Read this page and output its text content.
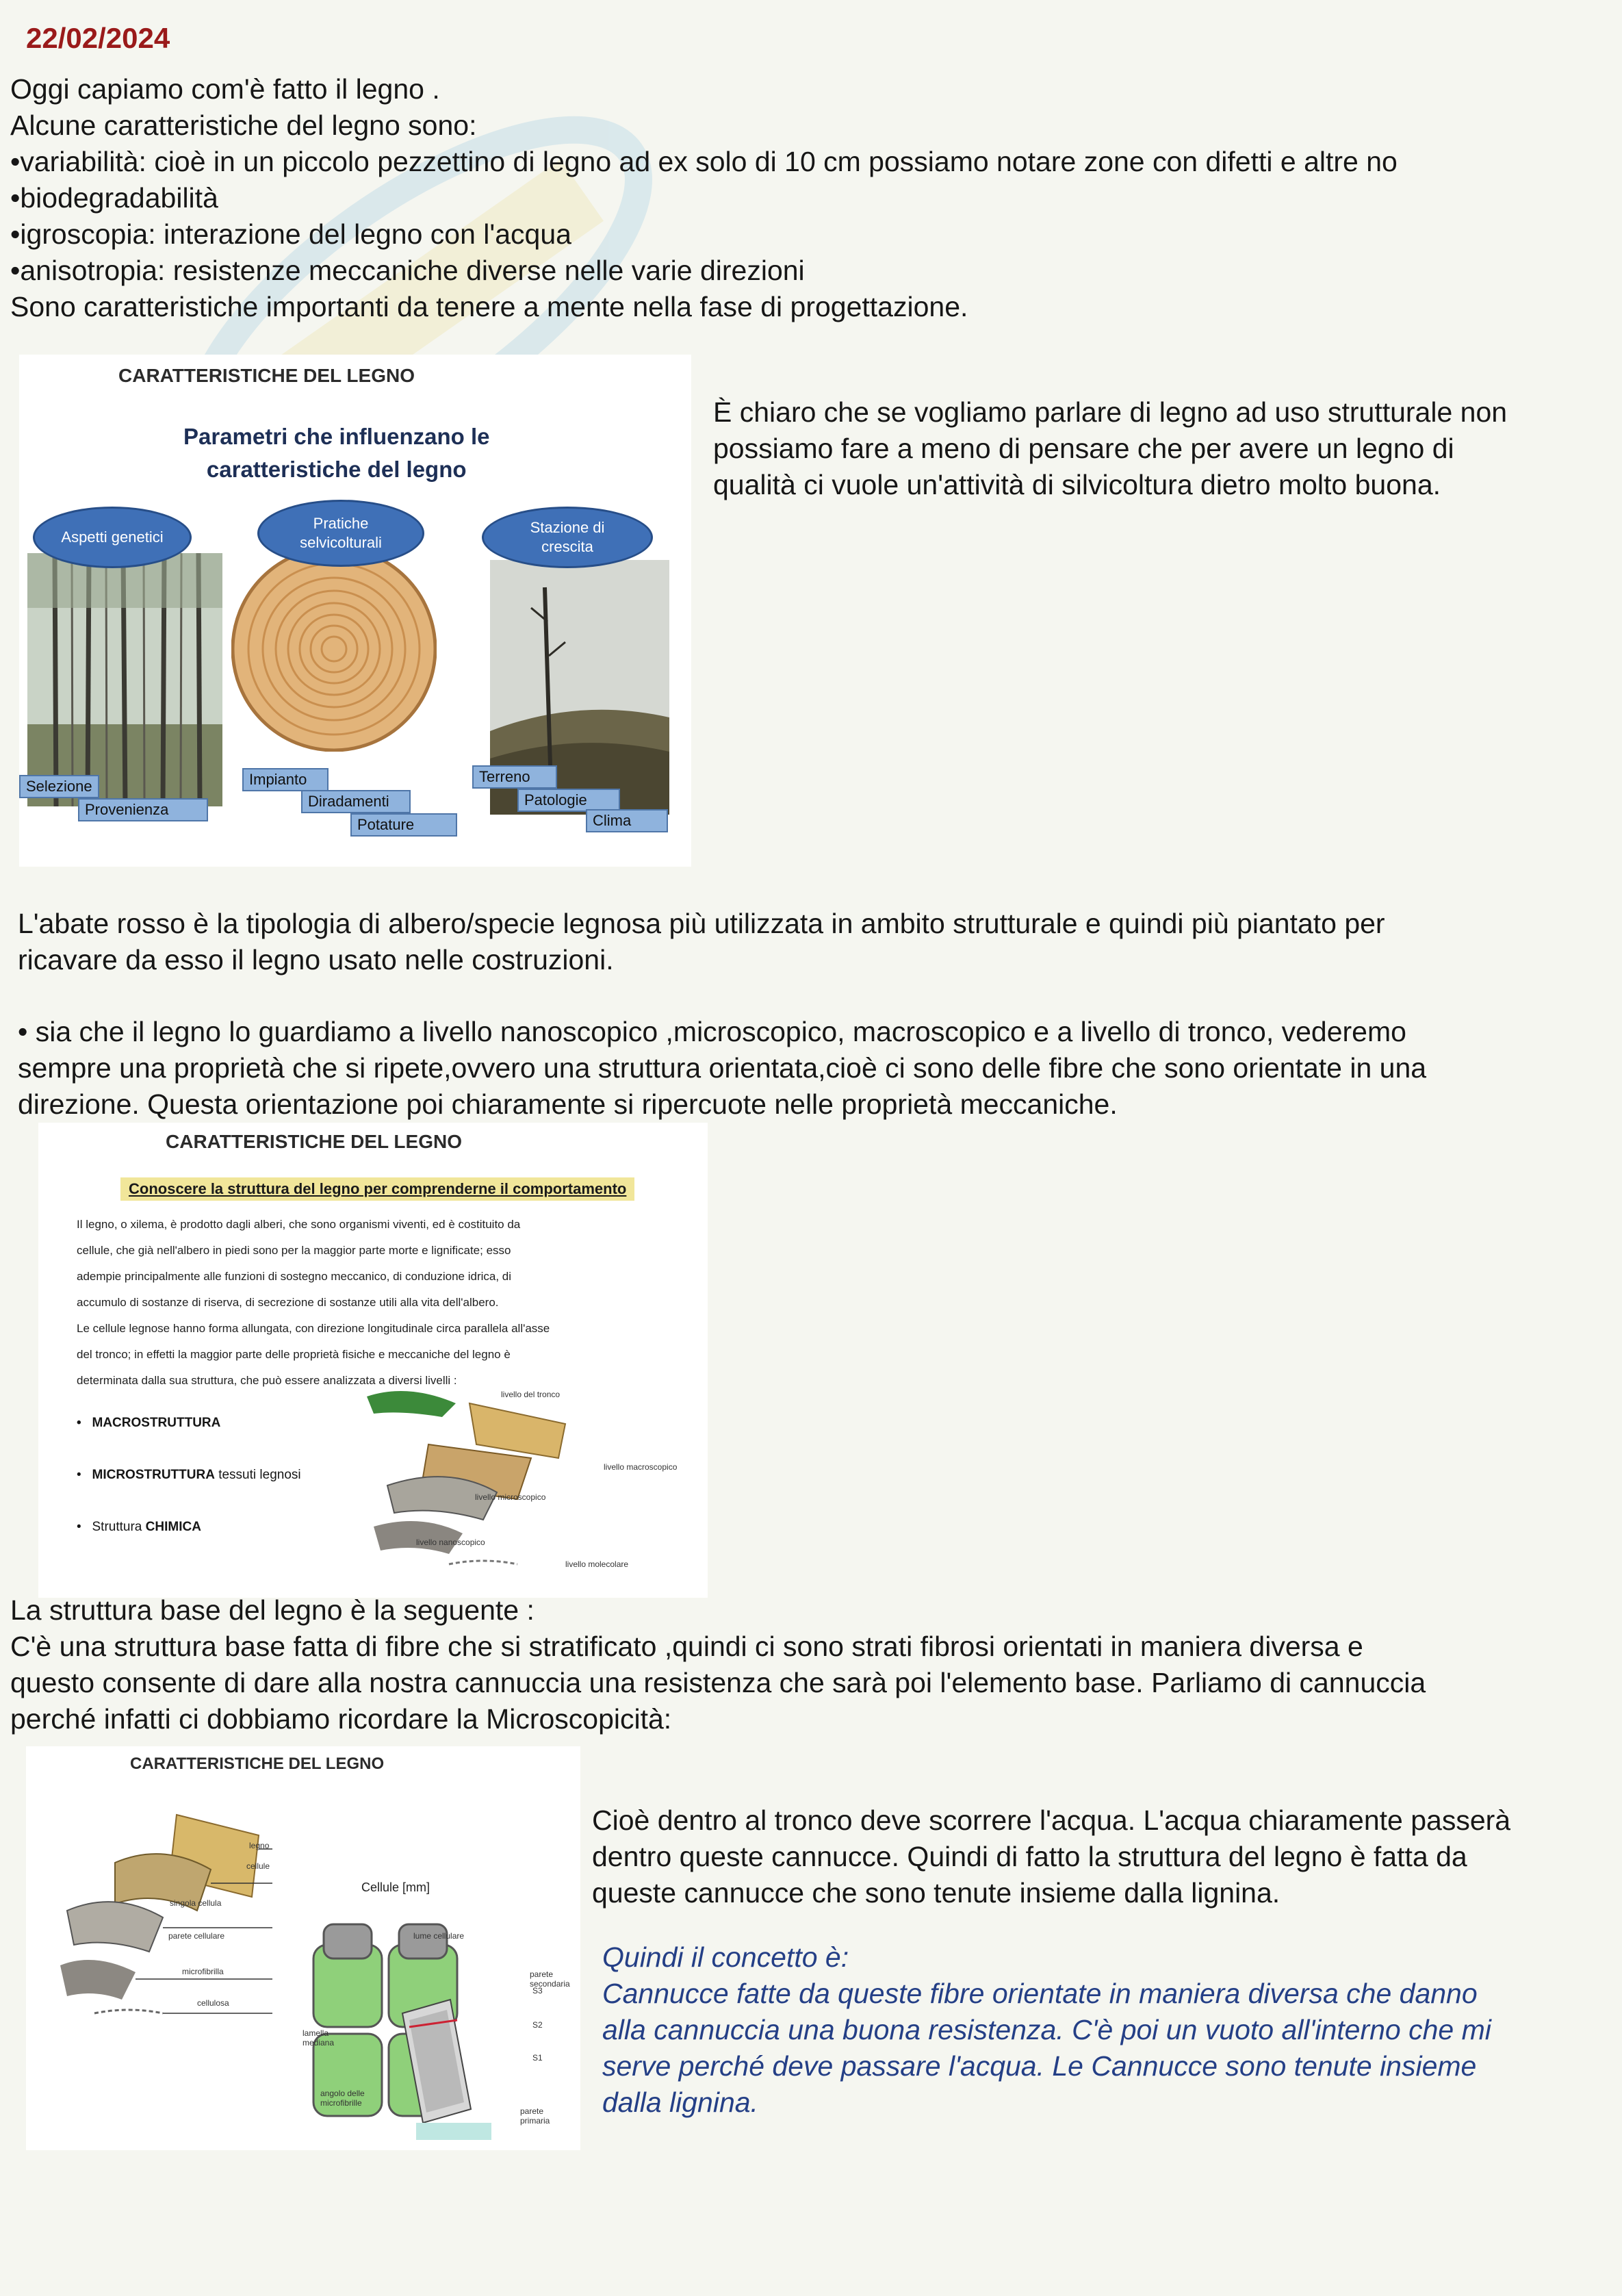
22/02/2024
Oggi capiamo com'è fatto il legno .
Alcune caratteristiche del legno sono:
•variabilità: cioè in un piccolo pezzettino di legno ad ex solo di 10 cm possiamo notare zone con difetti e altre no
•biodegradabilità
•igroscopia: interazione del legno con l'acqua
•anisotropia: resistenze meccaniche diverse nelle varie direzioni
Sono caratteristiche importanti da tenere a mente nella fase di progettazione.
CARATTERISTICHE DEL LEGNO
Parametri che influenzano le
caratteristiche del legno
Aspetti genetici
Pratiche
selvicolturali
Stazione di
crescita
Selezione
Provenienza
Impianto
Diradamenti
Potature
Terreno
Patologie
Clima
È chiaro che se vogliamo parlare di legno ad uso strutturale non
possiamo fare a meno di pensare che per avere un legno di
qualità ci vuole un'attività di silvicoltura dietro molto buona.
L'abate rosso è la tipologia di albero/specie legnosa più utilizzata in ambito strutturale e quindi più piantato per
ricavare da esso il legno usato nelle costruzioni.
• sia che il legno lo guardiamo a livello nanoscopico ,microscopico, macroscopico e a livello di tronco, vederemo
sempre una proprietà che si ripete,ovvero una struttura orientata,cioè ci sono delle fibre che sono orientate in una
direzione. Questa orientazione poi chiaramente si ripercuote nelle proprietà meccaniche.
CARATTERISTICHE DEL LEGNO
Conoscere la struttura del legno per comprenderne il comportamento
Il legno, o xilema, è prodotto dagli alberi, che sono organismi viventi, ed è costituito da
cellule, che già nell'albero in piedi sono per la maggior parte morte e lignificate; esso
adempie principalmente alle funzioni di sostegno meccanico, di conduzione idrica, di
accumulo di sostanze di riserva, di secrezione di sostanze utili alla vita dell'albero.
Le cellule legnose hanno forma allungata, con direzione longitudinale circa parallela all'asse
del tronco; in effetti la maggior parte delle proprietà fisiche e meccaniche del legno è
determinata dalla sua struttura, che può essere analizzata a diversi livelli :
•   MACROSTRUTTURA
•   MICROSTRUTTURA tessuti legnosi
•   Struttura CHIMICA
livello del tronco
livello macroscopico
livello microscopico
livello nanoscopico
livello molecolare
La struttura base del legno è la seguente :
C'è una struttura base fatta di fibre che si stratificato ,quindi ci sono strati fibrosi orientati in maniera diversa e
questo consente di dare alla nostra cannuccia una resistenza che sarà poi l'elemento base. Parliamo di cannuccia
perché infatti ci dobbiamo ricordare la Microscopicità:
CARATTERISTICHE DEL LEGNO
legno
cellule
singola cellula
parete cellulare
microfibrilla
cellulosa
Cellule [mm]
lume cellulare
parete secondaria
S3
S2
S1
lamella mediana
angolo delle microfibrille
parete primaria
Cioè dentro al tronco deve scorrere l'acqua. L'acqua chiaramente passerà
dentro queste cannucce. Quindi di fatto la struttura del legno è fatta da
queste cannucce che sono tenute insieme dalla lignina.
Quindi il concetto è:
Cannucce fatte da queste fibre orientate in maniera diversa che danno
alla cannuccia una buona resistenza. C'è poi un vuoto all'interno che mi
serve perché deve passare l'acqua. Le Cannucce sono tenute insieme
dalla lignina.
